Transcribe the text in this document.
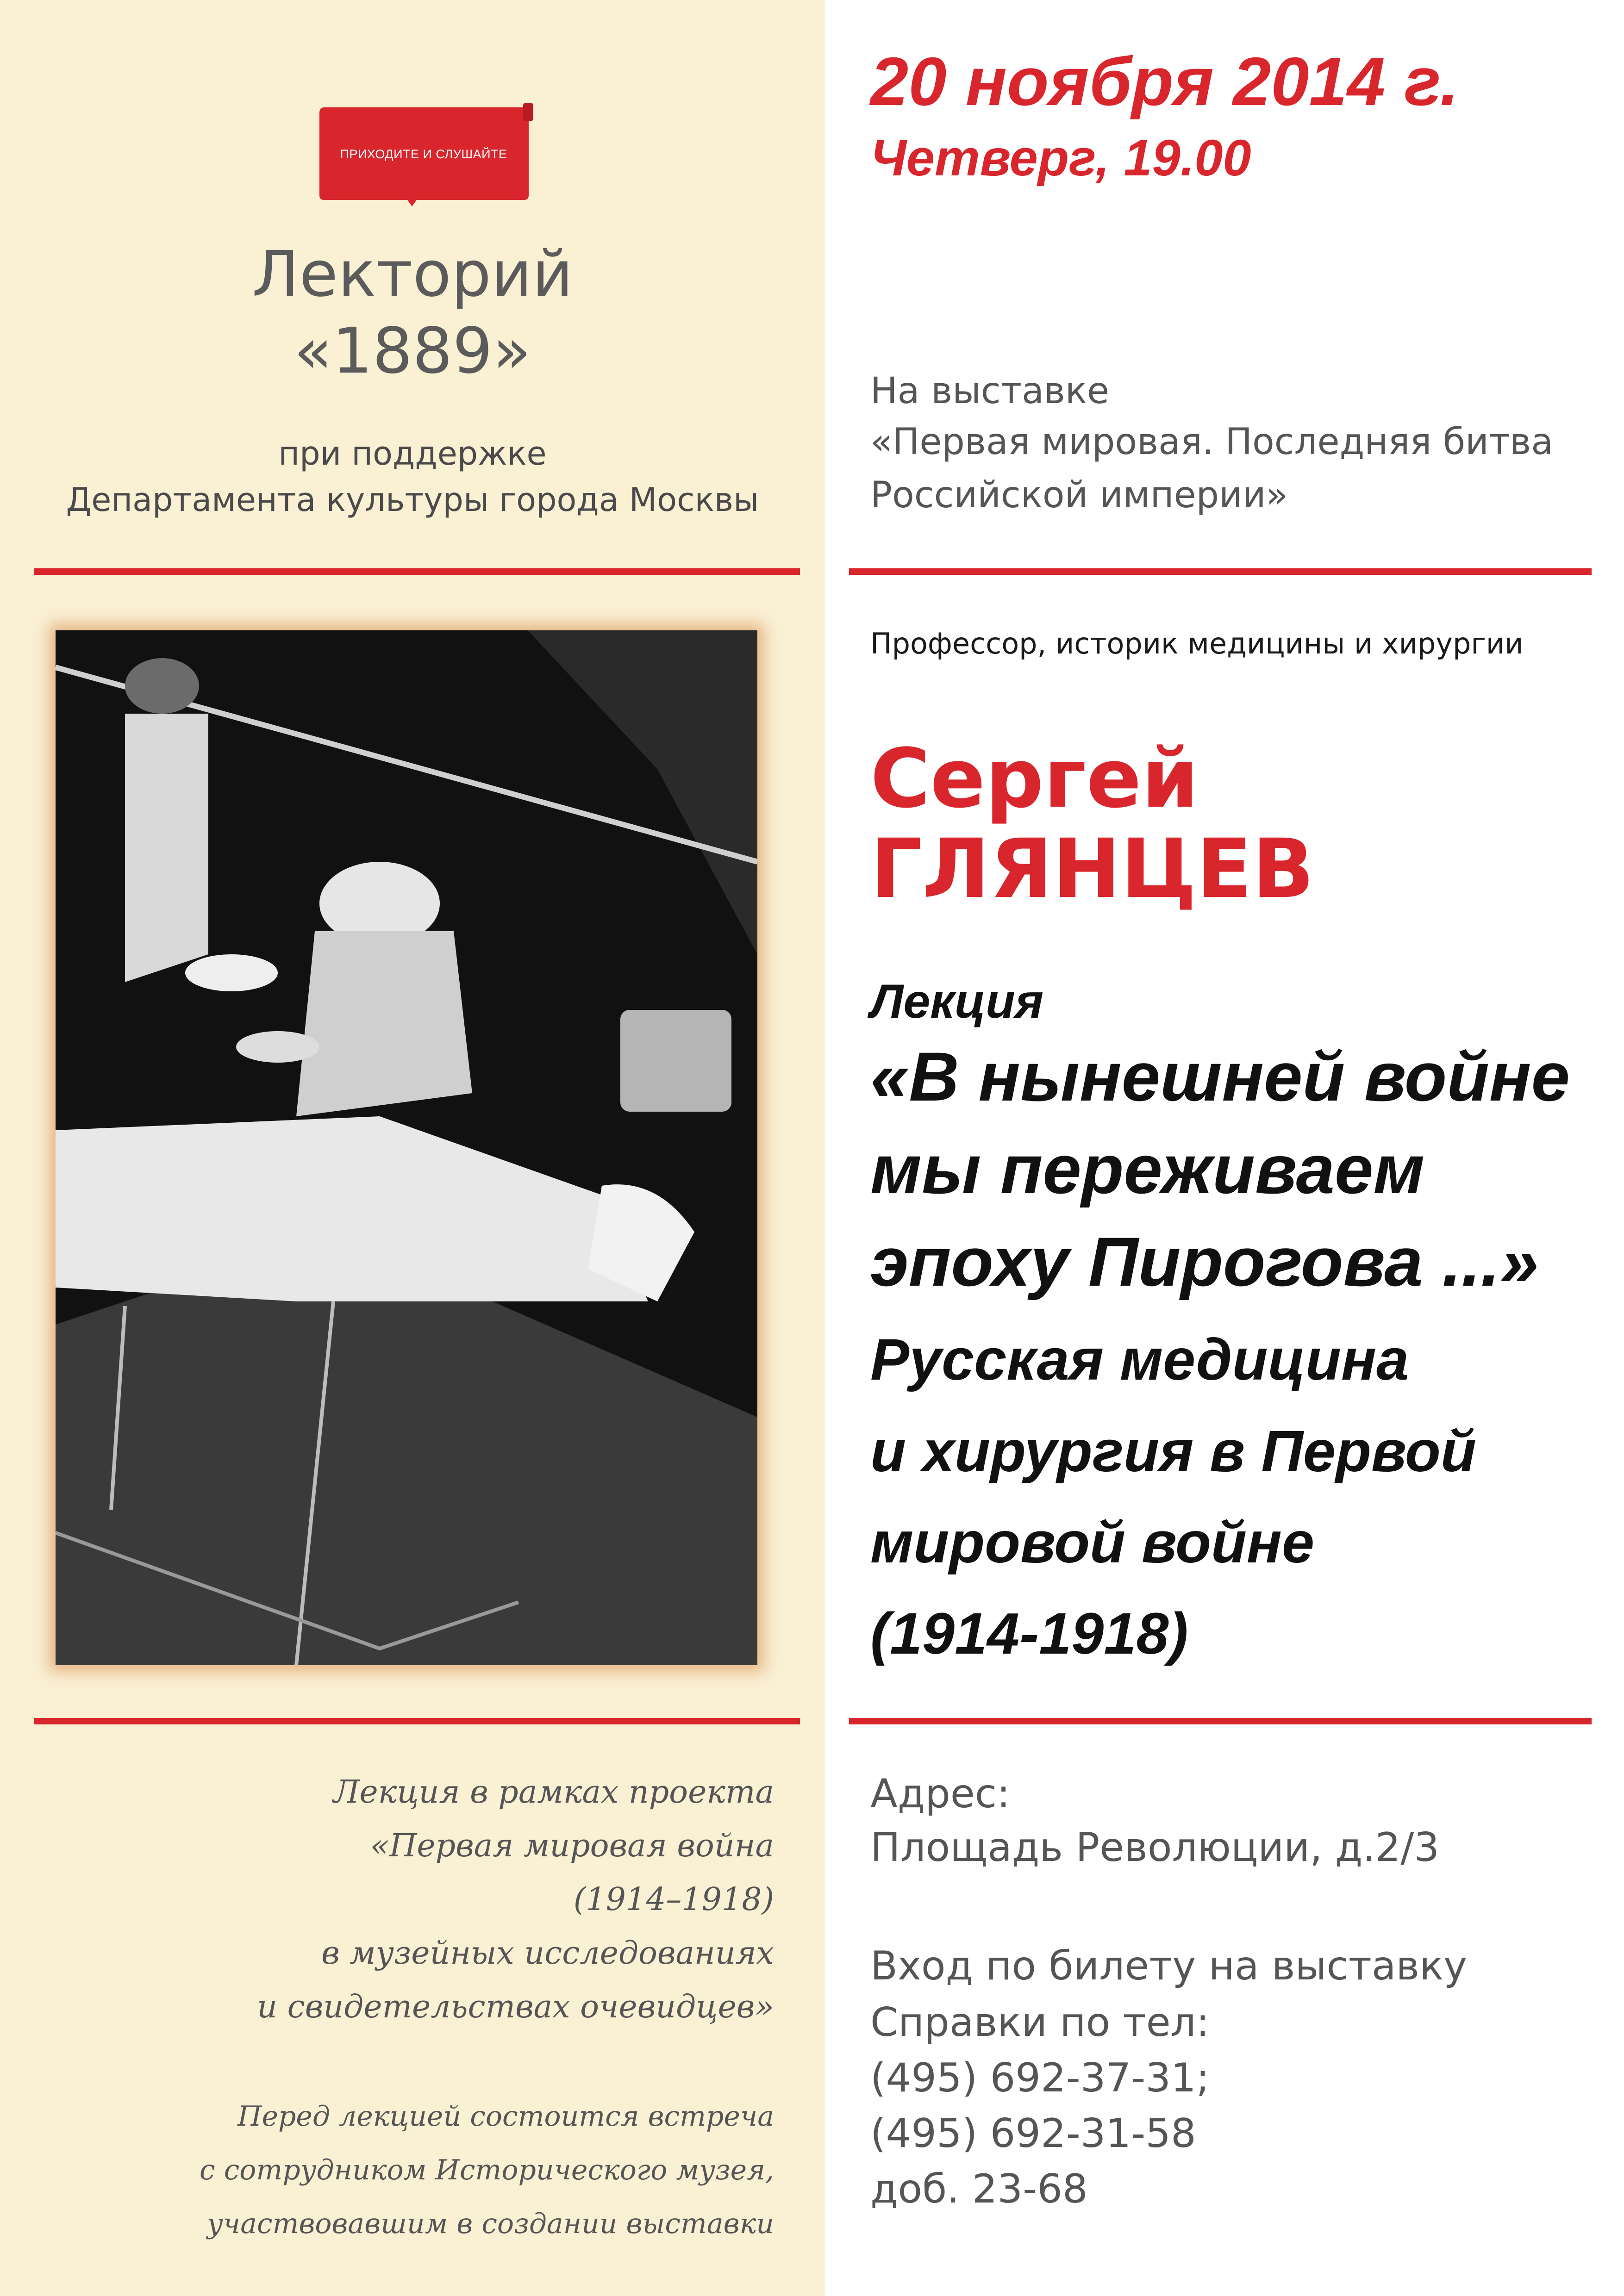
ПРИХОДИТЕ И СЛУШАЙТЕ
Лекторий
«1889»
при поддержке
Департамента культуры города Москвы
Лекция в рамках проекта
«Первая мировая война
(1914–1918)
в музейных исследованиях
и свидетельствах очевидцев»
Перед лекцией состоится встреча
с сотрудником Исторического музея,
участвовавшим в создании выставки
20 ноября 2014 г.
Четверг, 19.00
На выставке
«Первая мировая. Последняя битва
Российской империи»
Профессор, историк медицины и хирургии
Сергей
ГЛЯНЦЕВ
Лекция
«В нынешней войне
мы переживаем
эпоху Пирогова ...»
Русская медицина
и хирургия в Первой
мировой войне
(1914-1918)
Адрес:
Площадь Революции, д.2/3
Вход по билету на выставку
Справки по тел:
(495) 692-37-31;
(495) 692-31-58
доб. 23-68
